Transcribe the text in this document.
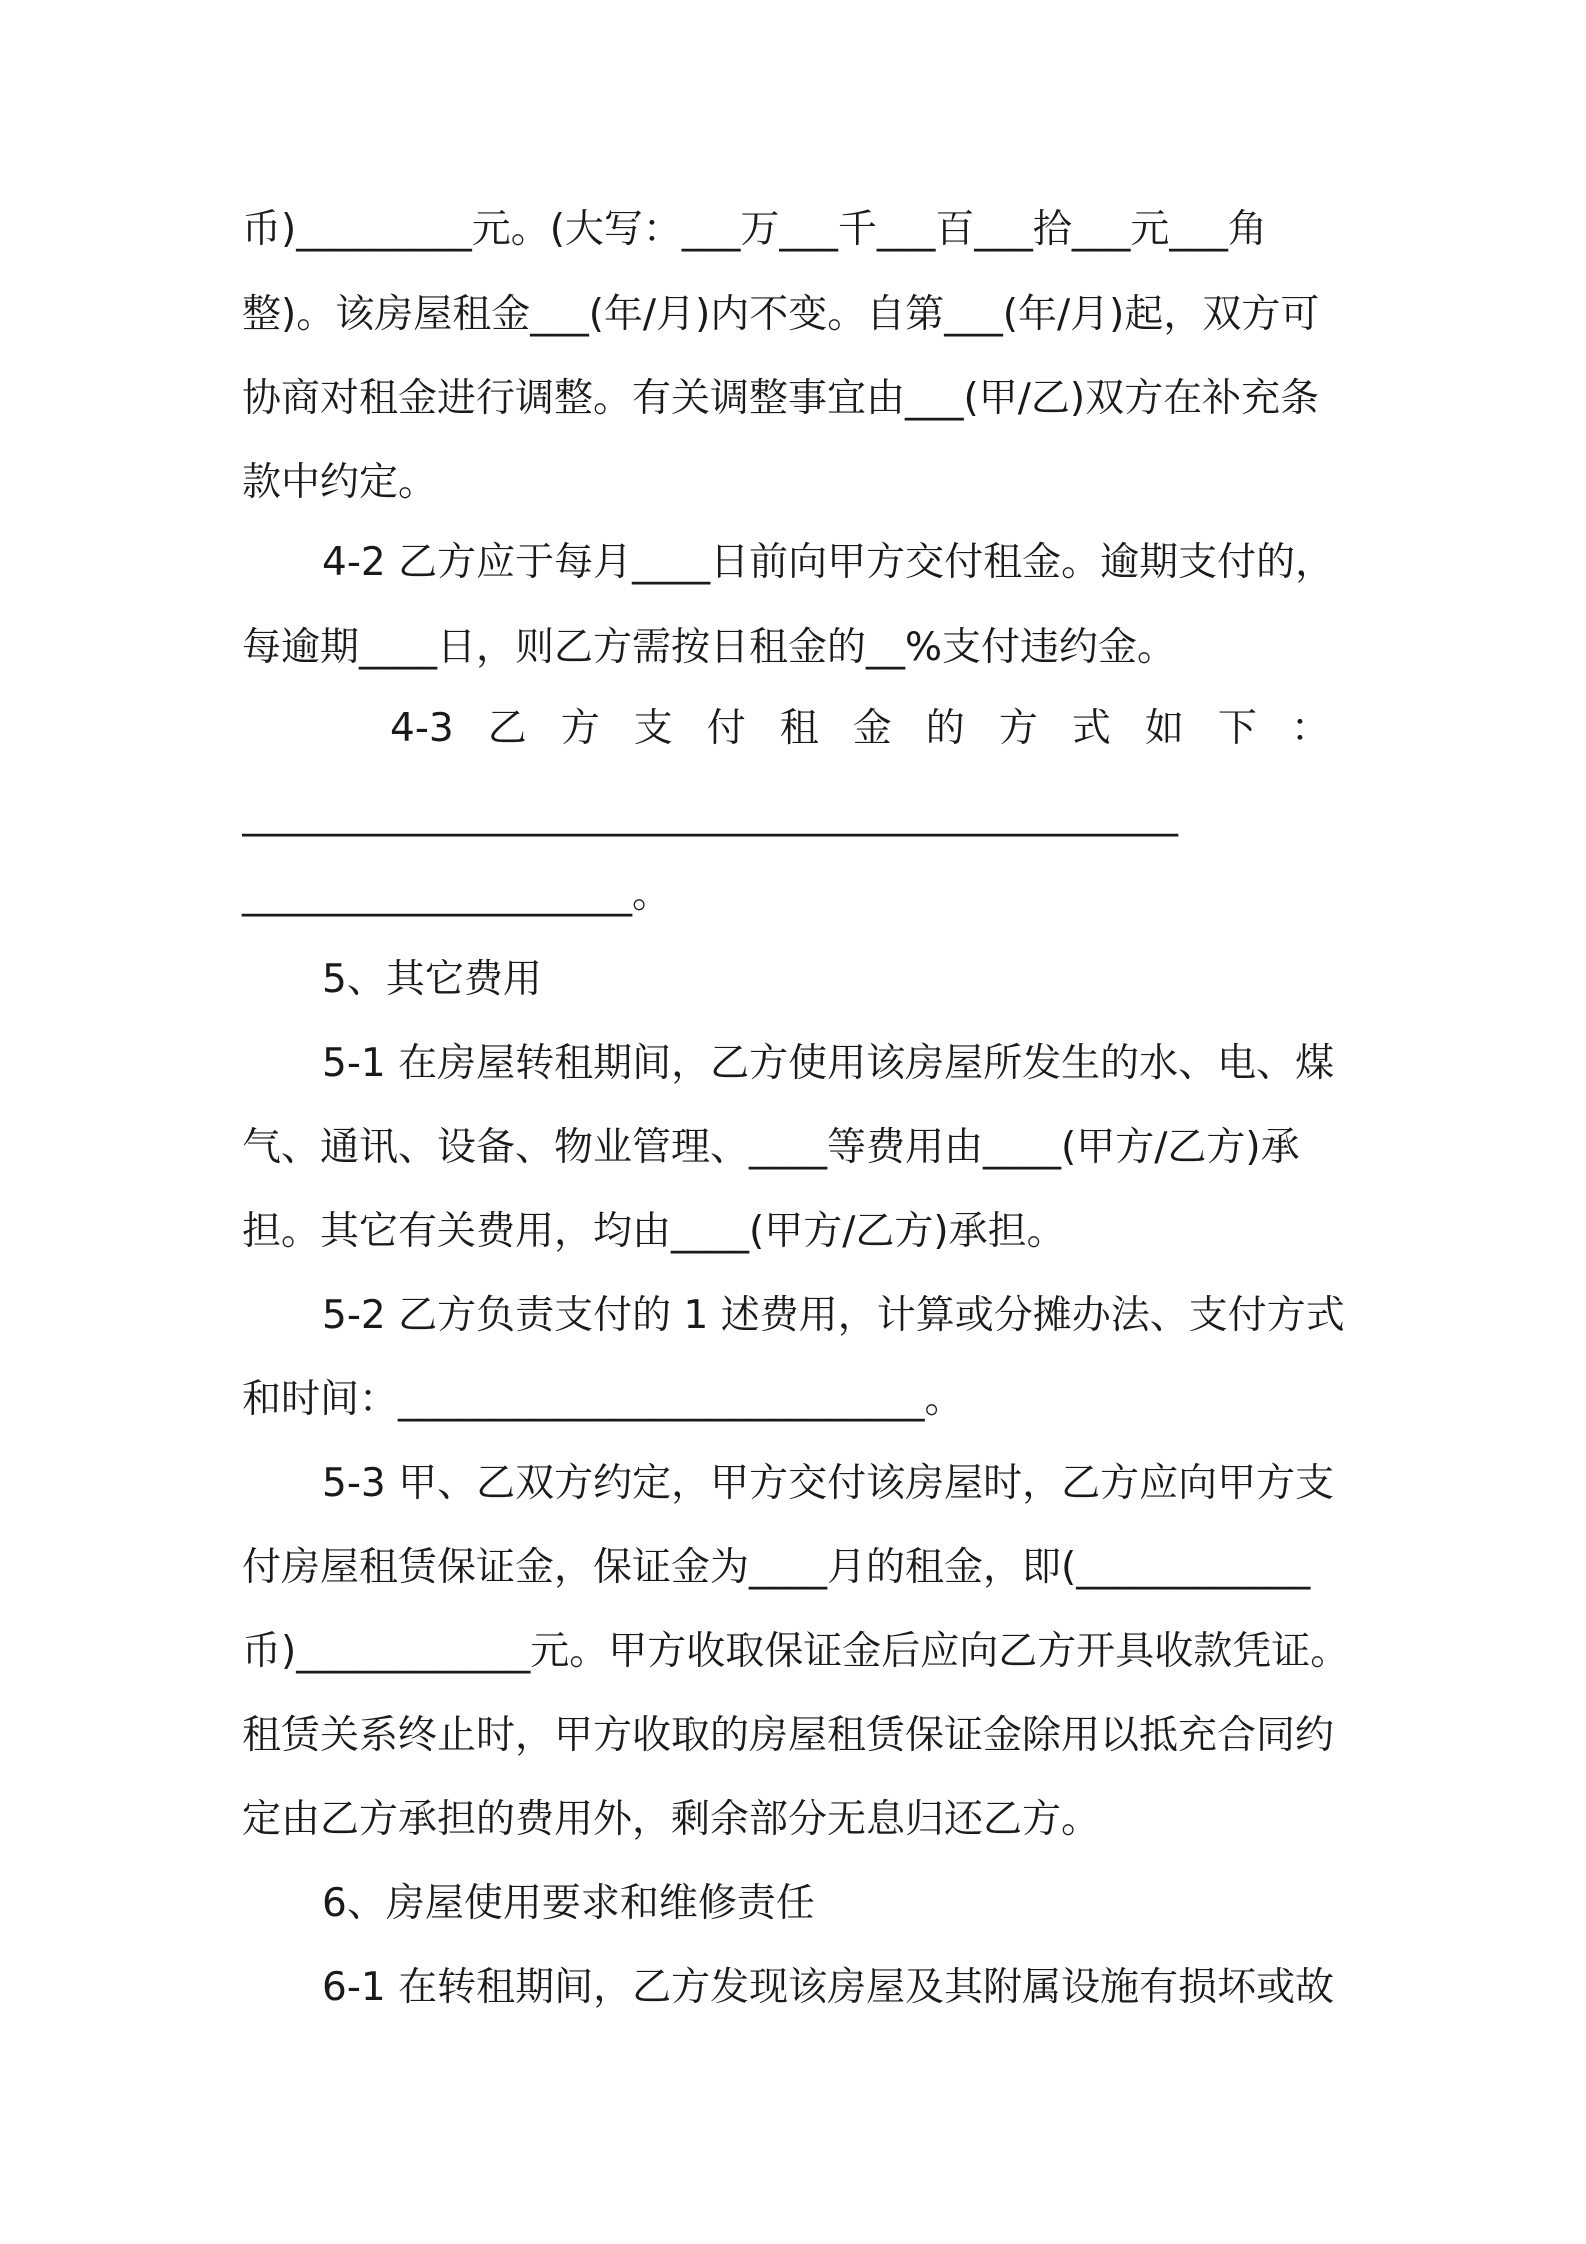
币)_________元。(大写：___万___千___百___拾___元___角
整)。该房屋租金___(年/月)内不变。自第___(年/月)起，双方可
协商对租金进行调整。有关调整事宜由___(甲/乙)双方在补充条
款中约定。
4-2 乙方应于每月____日前向甲方交付租金。逾期支付的，
每逾期____日，则乙方需按日租金的__%支付违约金。
4-3 乙 方 支 付 租 金 的 方 式 如 下 ：
________________________________________________
____________________。
5、其它费用
5-1 在房屋转租期间，乙方使用该房屋所发生的水、电、煤
气、通讯、设备、物业管理、____等费用由____(甲方/乙方)承
担。其它有关费用，均由____(甲方/乙方)承担。
5-2 乙方负责支付的 1 述费用，计算或分摊办法、支付方式
和时间：___________________________。
5-3 甲、乙双方约定，甲方交付该房屋时，乙方应向甲方支
付房屋租赁保证金，保证金为____月的租金，即(____________
币)____________元。甲方收取保证金后应向乙方开具收款凭证。
租赁关系终止时，甲方收取的房屋租赁保证金除用以抵充合同约
定由乙方承担的费用外，剩余部分无息归还乙方。
6、房屋使用要求和维修责任
6-1 在转租期间，乙方发现该房屋及其附属设施有损坏或故
